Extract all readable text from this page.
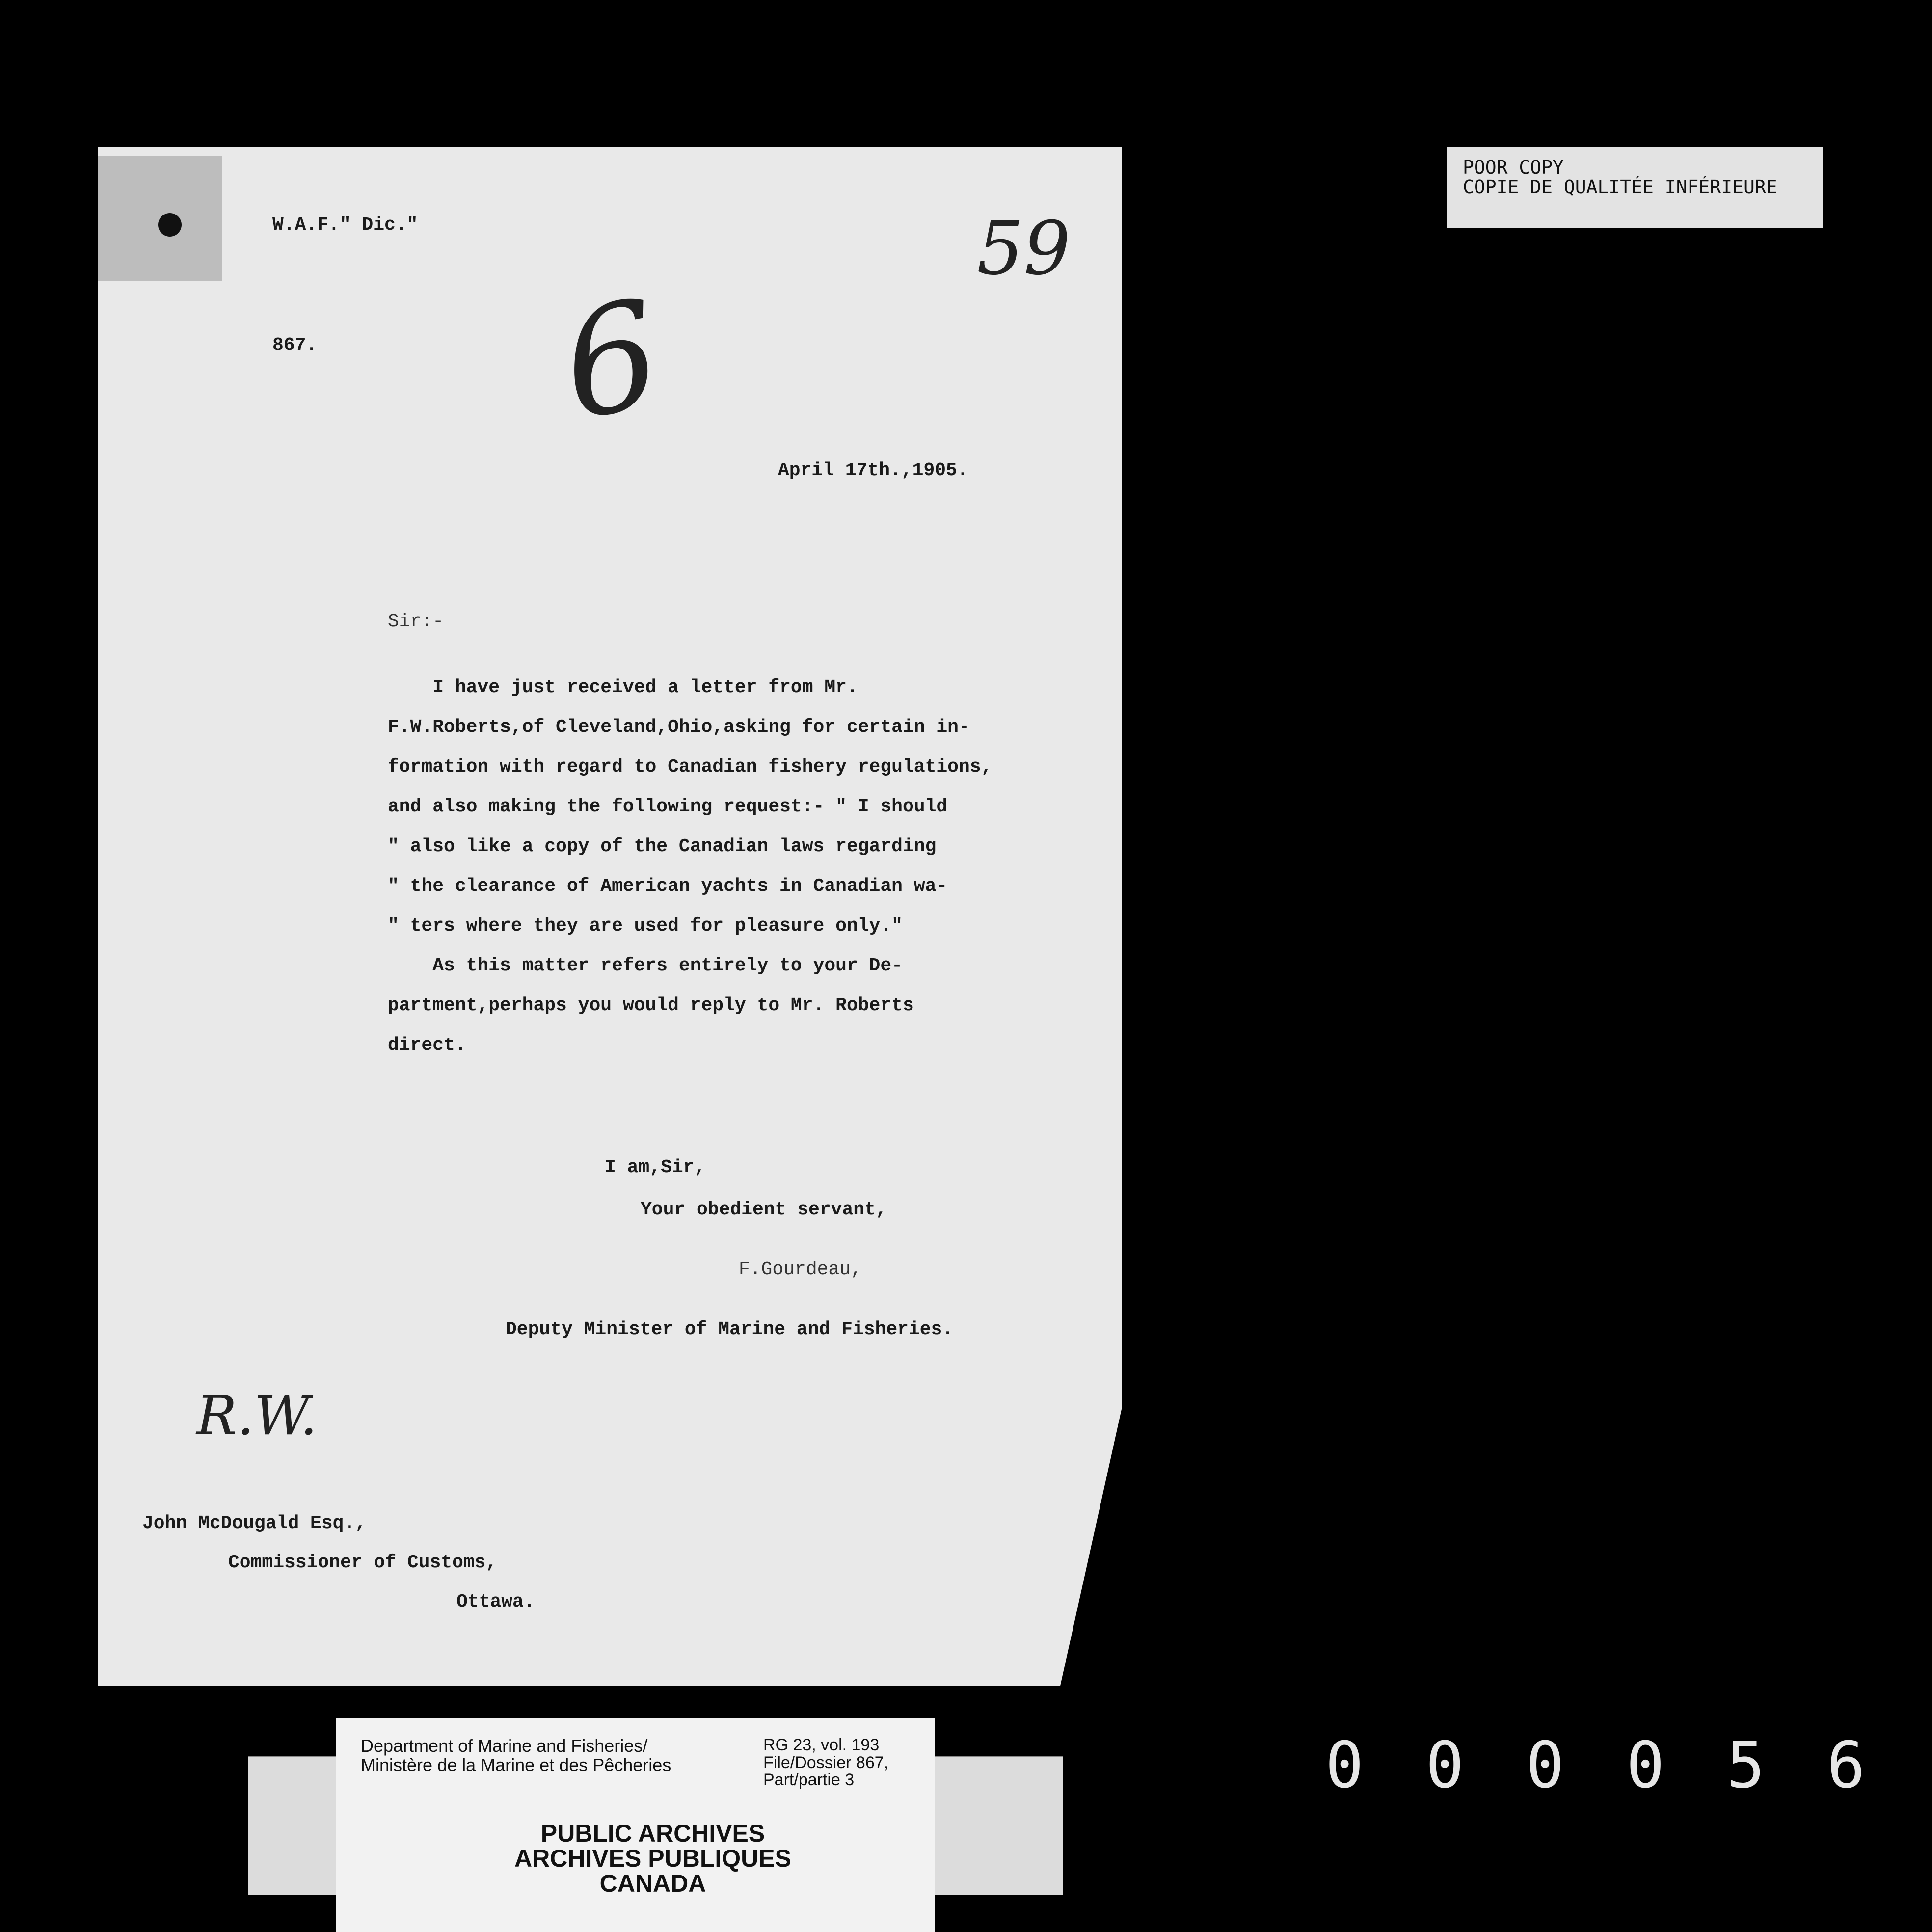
W.A.F." Dic."
867.
59
6
April 17th.,1905.
Sir:-
I have just received a letter from Mr.
F.W.Roberts,of Cleveland,Ohio,asking for certain in-
formation with regard to Canadian fishery regulations,
and also making the following request:- " I should
" also like a copy of the Canadian laws regarding
" the clearance of American yachts in Canadian wa-
" ters where they are used for pleasure only."
As this matter refers entirely to your De-
partment,perhaps you would reply to Mr. Roberts
direct.
I am,Sir,
Your obedient servant,
F.Gourdeau,
Deputy Minister of Marine and Fisheries.
R.W.
John McDougald Esq.,
Commissioner of Customs,
Ottawa.
POOR COPY
COPIE DE QUALITÉE INFÉRIEURE
0 0 0 0 5 6
Department of Marine and Fisheries/
Ministère de la Marine et des Pêcheries
RG 23, vol. 193
File/Dossier 867,
Part/partie 3
PUBLIC ARCHIVES
ARCHIVES PUBLIQUES
CANADA
